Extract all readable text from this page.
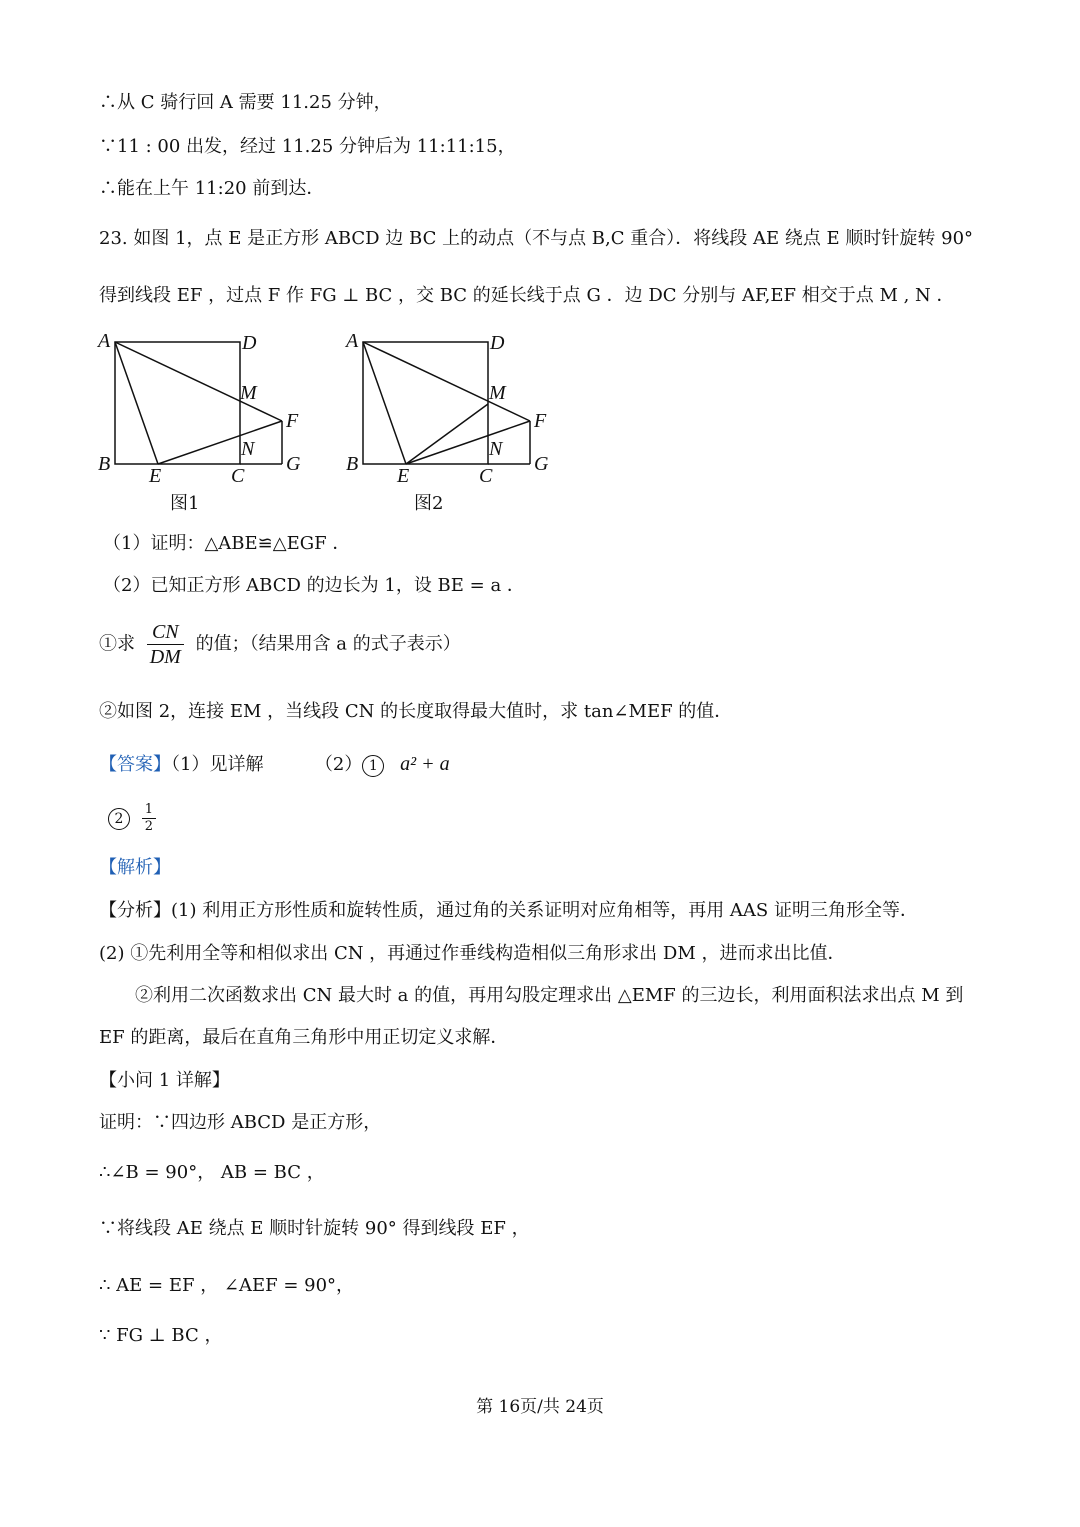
∴从 C 骑行回 A 需要 11.25 分钟，
∵11 : 00 出发，经过 11.25 分钟后为 11:11:15，
∴能在上午 11:20 前到达．
23. 如图 1，点 E 是正方形 ABCD 边 BC 上的动点（不与点 B,C 重合）．将线段 AE 绕点 E 顺时针旋转 90°
得到线段 EF ，过点 F 作 FG ⊥ BC ，交 BC 的延长线于点 G ．边 DC 分别与 AF,EF 相交于点 M , N ．
A	D
M
F
N
B
E	C
G
图1
A	D
M
F
N
B
E	C
G
图2
（1）证明：△ABE≌△EGF ．
（2）已知正方形 ABCD 的边长为 1，设 BE = a ．
①求 $\frac{CN}{DM}$ 的值；（结果用含 a 的式子表示）
②如图 2，连接 EM ，当线段 CN 的长度取得最大值时，求 tan∠MEF 的值．
【答案】（1）见详解	（2） 1 a² + a
$2 \frac{1}{2}$
【解析】
【分析】(1) 利用正方形性质和旋转性质，通过角的关系证明对应角相等，再用 AAS 证明三角形全等．
(2) ①先利用全等和相似求出 CN ，再通过作垂线构造相似三角形求出 DM ，进而求出比值．
②利用二次函数求出 CN 最大时 a 的值，再用勾股定理求出 △EMF 的三边长，利用面积法求出点 M 到
EF 的距离，最后在直角三角形中用正切定义求解．
【小问 1 详解】
证明：∵四边形 ABCD 是正方形，
∴∠B = 90°， AB = BC ，
∵将线段 AE 绕点 E 顺时针旋转 90° 得到线段 EF ，
∴ AE = EF ， ∠AEF = 90°，
∵ FG ⊥ BC ，
第 16页/共 24页
